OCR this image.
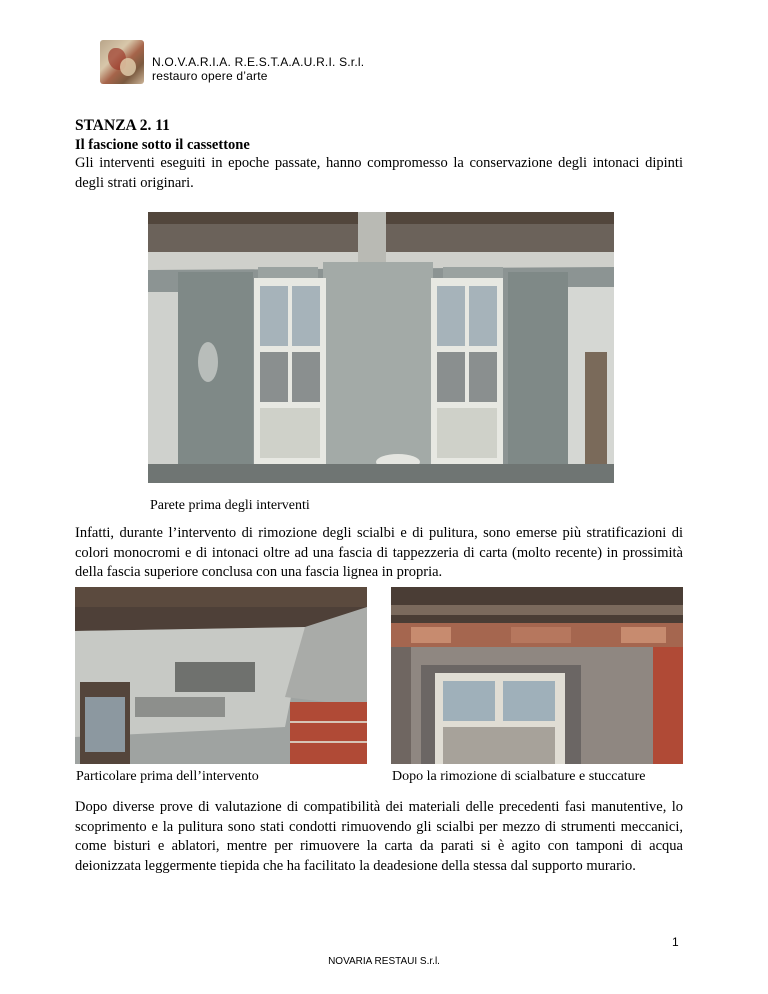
N.O.V.A.R.I.A. R.E.S.T.A.A.U.R.I. S.r.l.
restauro opere d’arte

STANZA 2. 11

Il fascione sotto il cassettone

Gli interventi eseguiti in epoche passate, hanno compromesso la conservazione degli intonaci dipinti degli strati originari.

Parete prima degli interventi

Infatti, durante l’intervento di rimozione degli scialbi e di pulitura, sono emerse più stratificazioni di colori monocromi e di intonaci oltre ad una fascia di tappezzeria di carta (molto recente) in prossimità della fascia superiore conclusa con una fascia lignea in propria.

Particolare prima dell’intervento	Dopo la rimozione di scialbature e stuccature

Dopo diverse prove di valutazione di compatibilità dei materiali delle precedenti fasi manutentive, lo scoprimento e la pulitura sono stati condotti rimuovendo gli scialbi per mezzo di strumenti meccanici, come bisturi e ablatori, mentre per rimuovere la carta da parati si è agito con tamponi di acqua deionizzata leggermente tiepida che ha facilitato la deadesione della stessa dal supporto murario.

1
NOVARIA RESTAUI S.r.l.
